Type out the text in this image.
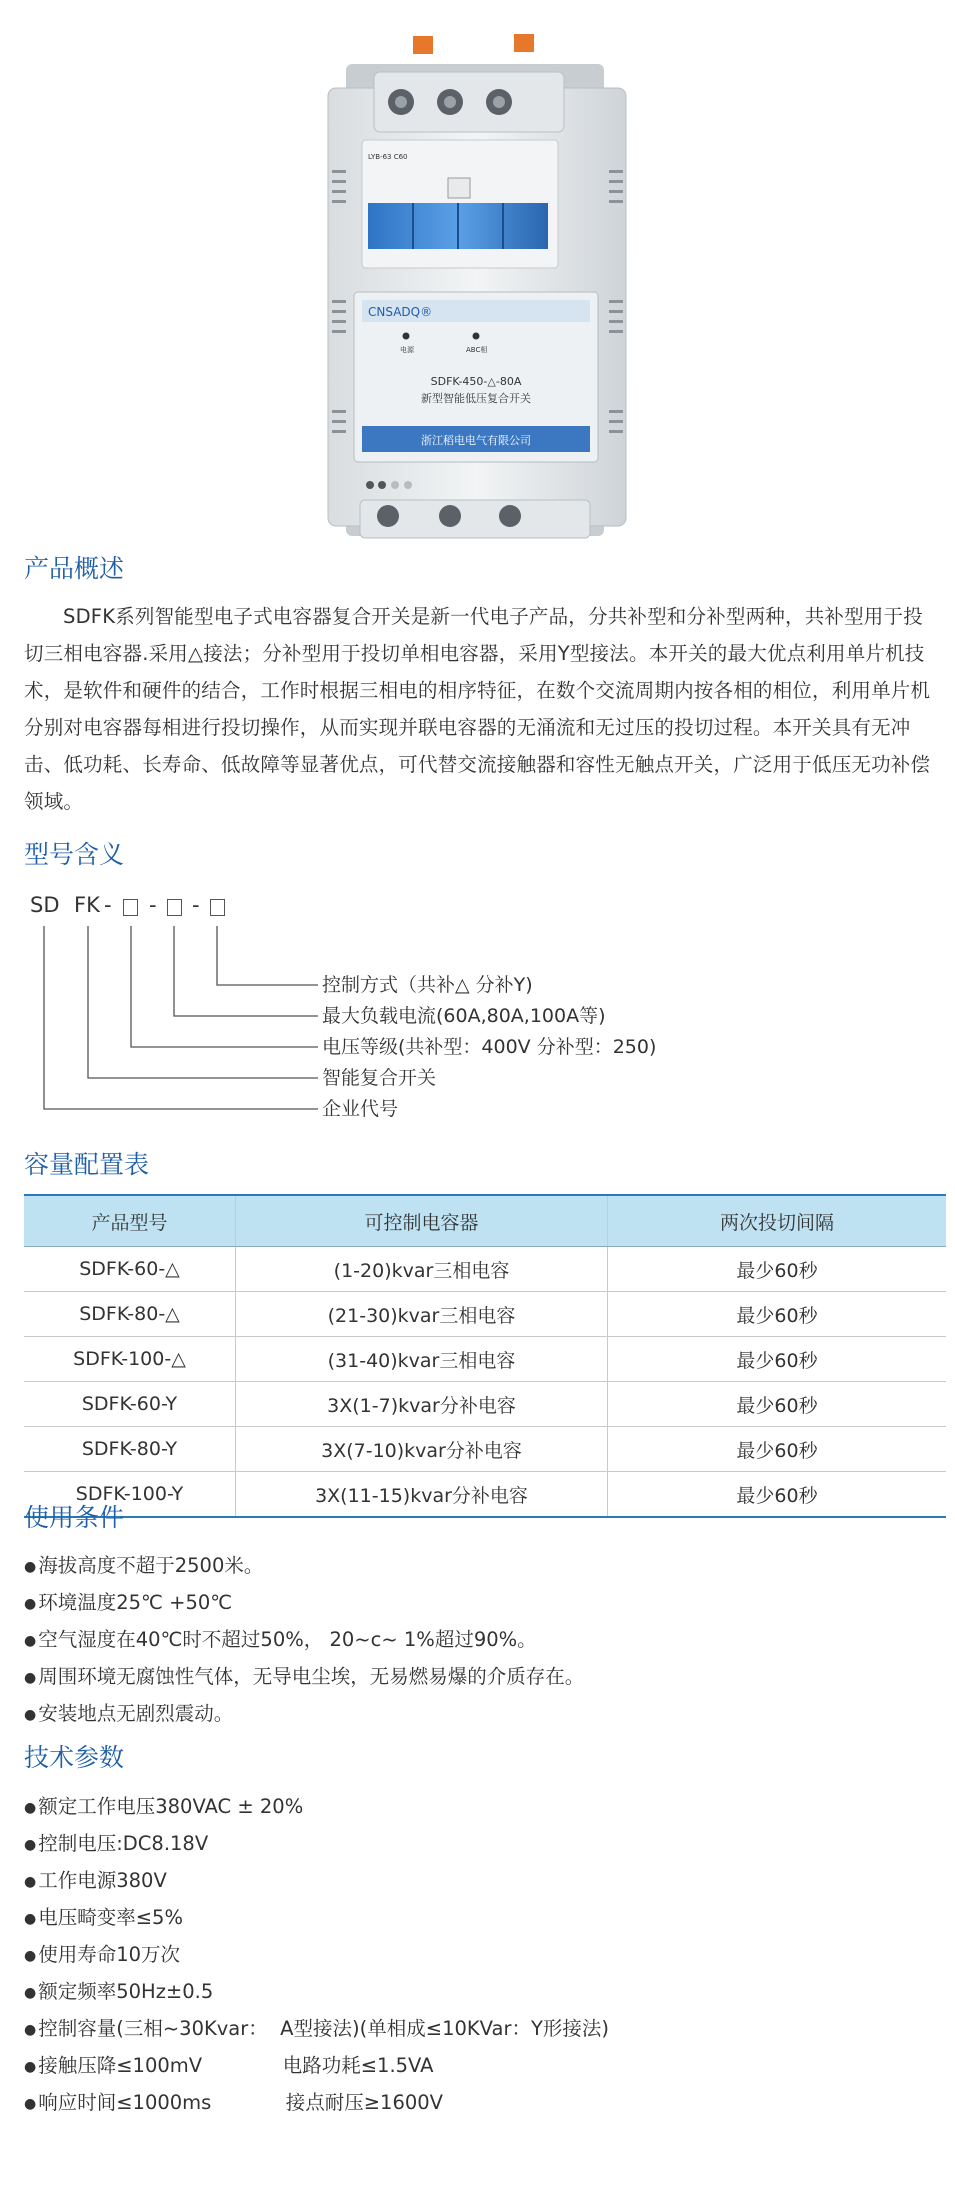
LYB-63 C60
CNSADQ®
电源	ABC相
SDFK-450-△-80A
新型智能低压复合开关
浙江稻电电气有限公司
产品概述

SDFK系列智能型电子式电容器复合开关是新一代电子产品，分共补型和分补型两种，共补型用于投切三相电容器.采用△接法；分补型用于投切单相电容器，采用Y型接法。本开关的最大优点利用单片机技术，是软件和硬件的结合，工作时根据三相电的相序特征，在数个交流周期内按各相的相位，利用单片机分别对电容器每相进行投切操作，从而实现并联电容器的无涌流和无过压的投切过程。本开关具有无冲击、低功耗、长寿命、低故障等显著优点，可代替交流接触器和容性无触点开关，广泛用于低压无功补偿领域。

型号含义
SD FK - - -
控制方式（共补△ 分补Y)
最大负载电流(60A,80A,100A等)
电压等级(共补型：400V 分补型：250)
智能复合开关
企业代号
容量配置表
产品型号	可控制电容器	两次投切间隔
SDFK-60-△	(1-20)kvar三相电容	最少60秒
SDFK-80-△	(21-30)kvar三相电容	最少60秒
SDFK-100-△	(31-40)kvar三相电容	最少60秒
SDFK-60-Y	3X(1-7)kvar分补电容	最少60秒
SDFK-80-Y	3X(7-10)kvar分补电容	最少60秒
SDFK-100-Y	3X(11-15)kvar分补电容	最少60秒
使用条件
● 海拔高度不超于2500米。
● 环境温度25℃ +50℃
● 空气湿度在40℃时不超过50%， 20~c~ 1%超过90%。
● 周围环境无腐蚀性气体，无导电尘埃，无易燃易爆的介质存在。
● 安装地点无剧烈震动。
技术参数
● 额定工作电压380VAC ± 20%
● 控制电压:DC8.18V
● 工作电源380V
● 电压畸变率≤5%
● 使用寿命10万次
● 额定频率50Hz±0.5
● 控制容量(三相~30Kvar：  A型接法)(单相成≤10KVar：Y形接法)
● 接触压降≤100mV             电路功耗≤1.5VA
● 响应时间≤1000ms            接点耐压≥1600V
